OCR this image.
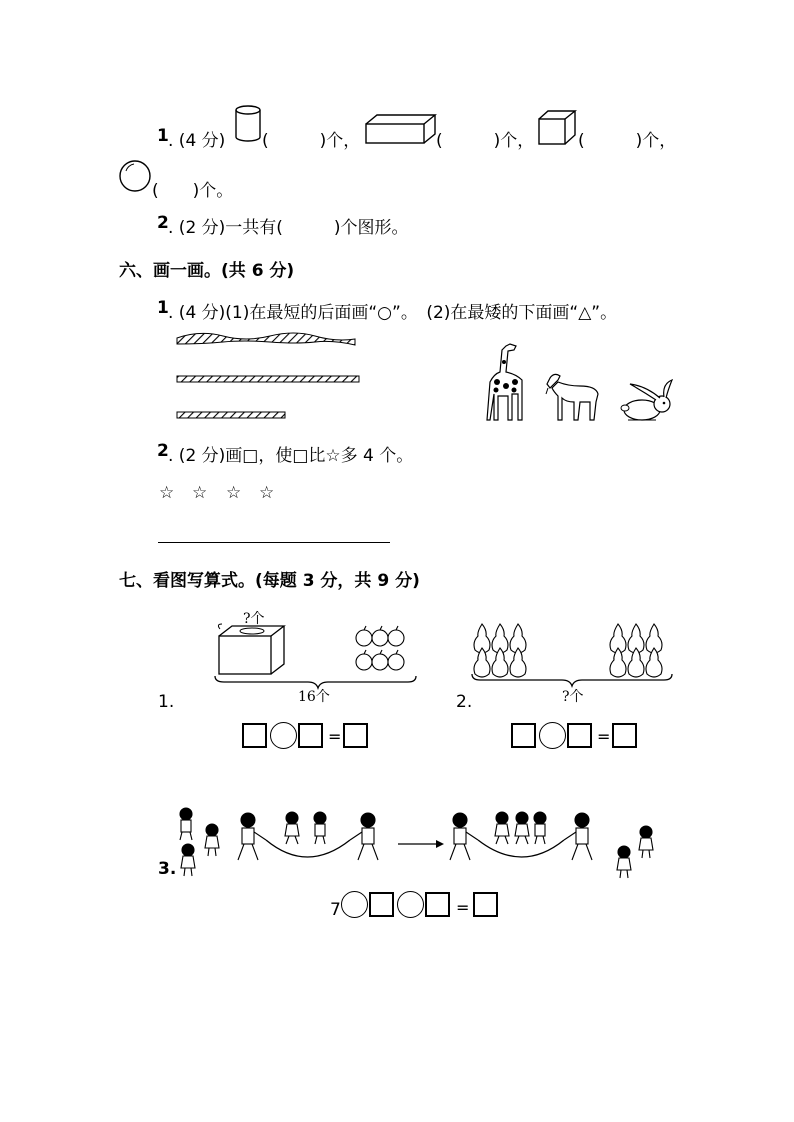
1 . (4 分) (　　　)个，	(　　　)个，	(　　　)个，
(　　)个。
2 . (2 分)一共有(　　　)个图形。
六、画一画。(共 6 分)
1 . (4 分)(1)在最短的后面画“○”。　(2)在最矮的下面画“△”。
2 . (2 分)画□，使□比☆多 4 个。
☆ ☆ ☆ ☆
七、看图写算式。(每题 3 分，共 9 分)
?个
16个
1.
=
?个
2.
=
3.
7	=
